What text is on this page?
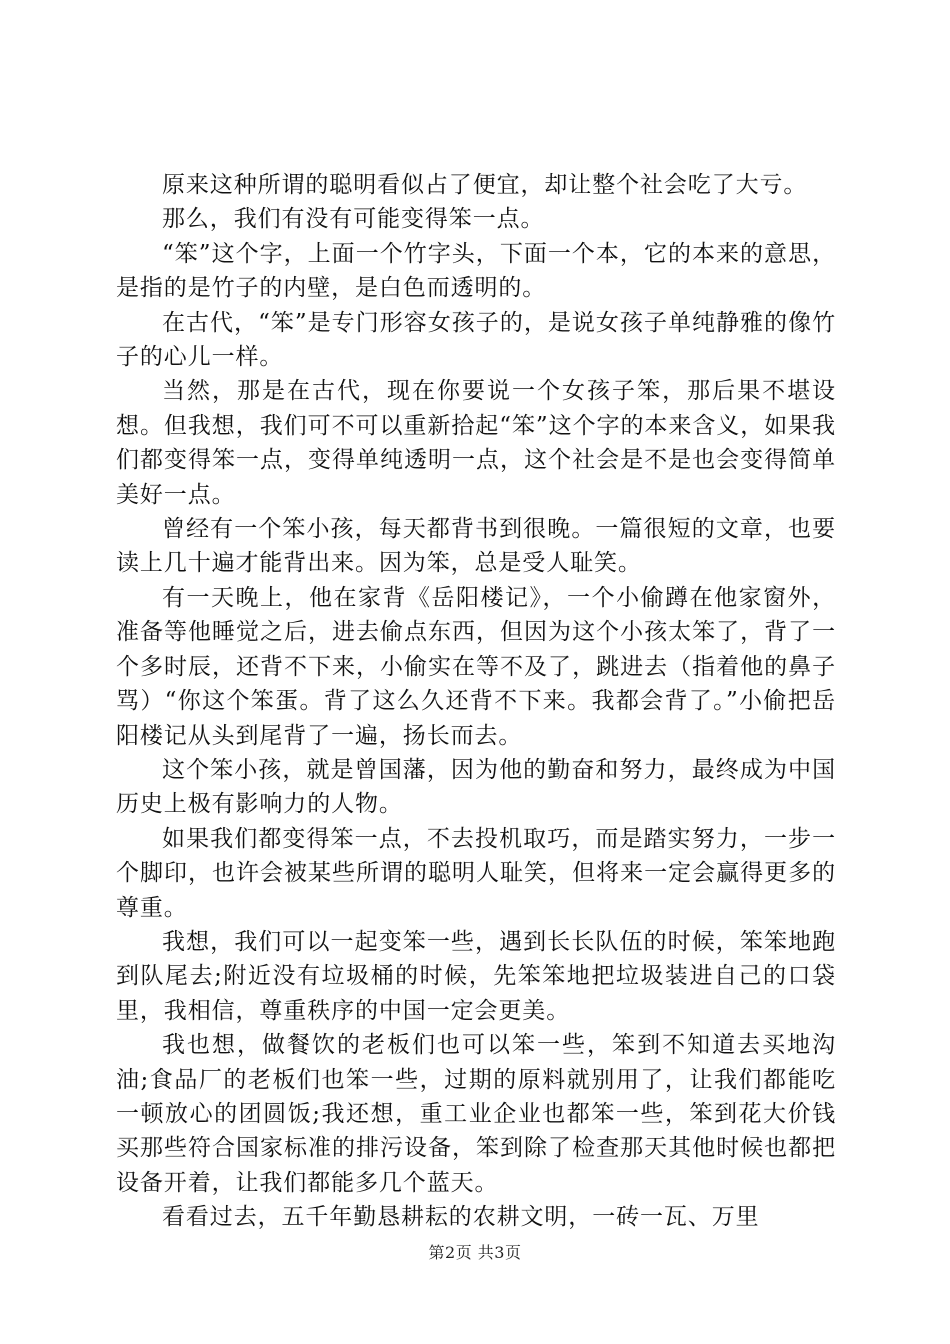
原来这种所谓的聪明看似占了便宜，却让整个社会吃了大亏。

那么，我们有没有可能变得笨一点。

“笨”这个字，上面一个竹字头，下面一个本，它的本来的意思，是指的是竹子的内壁，是白色而透明的。

在古代，“笨”是专门形容女孩子的，是说女孩子单纯静雅的像竹子的心儿一样。

当然，那是在古代，现在你要说一个女孩子笨，那后果不堪设想。但我想，我们可不可以重新拾起“笨”这个字的本来含义，如果我们都变得笨一点，变得单纯透明一点，这个社会是不是也会变得简单美好一点。

曾经有一个笨小孩，每天都背书到很晚。一篇很短的文章，也要读上几十遍才能背出来。因为笨，总是受人耻笑。

有一天晚上，他在家背《岳阳楼记》，一个小偷蹲在他家窗外，准备等他睡觉之后，进去偷点东西，但因为这个小孩太笨了，背了一个多时辰，还背不下来，小偷实在等不及了，跳进去（指着他的鼻子骂）“你这个笨蛋。背了这么久还背不下来。我都会背了。”小偷把岳阳楼记从头到尾背了一遍，扬长而去。

这个笨小孩，就是曾国藩，因为他的勤奋和努力，最终成为中国历史上极有影响力的人物。

如果我们都变得笨一点，不去投机取巧，而是踏实努力，一步一个脚印，也许会被某些所谓的聪明人耻笑，但将来一定会赢得更多的尊重。

我想，我们可以一起变笨一些，遇到长长队伍的时候，笨笨地跑到队尾去;附近没有垃圾桶的时候，先笨笨地把垃圾装进自己的口袋里，我相信，尊重秩序的中国一定会更美。

我也想，做餐饮的老板们也可以笨一些，笨到不知道去买地沟油;食品厂的老板们也笨一些，过期的原料就别用了，让我们都能吃一顿放心的团圆饭;我还想，重工业企业也都笨一些，笨到花大价钱买那些符合国家标准的排污设备，笨到除了检查那天其他时候也都把设备开着，让我们都能多几个蓝天。

看看过去，五千年勤恳耕耘的农耕文明，一砖一瓦、万里

第2页 共3页
